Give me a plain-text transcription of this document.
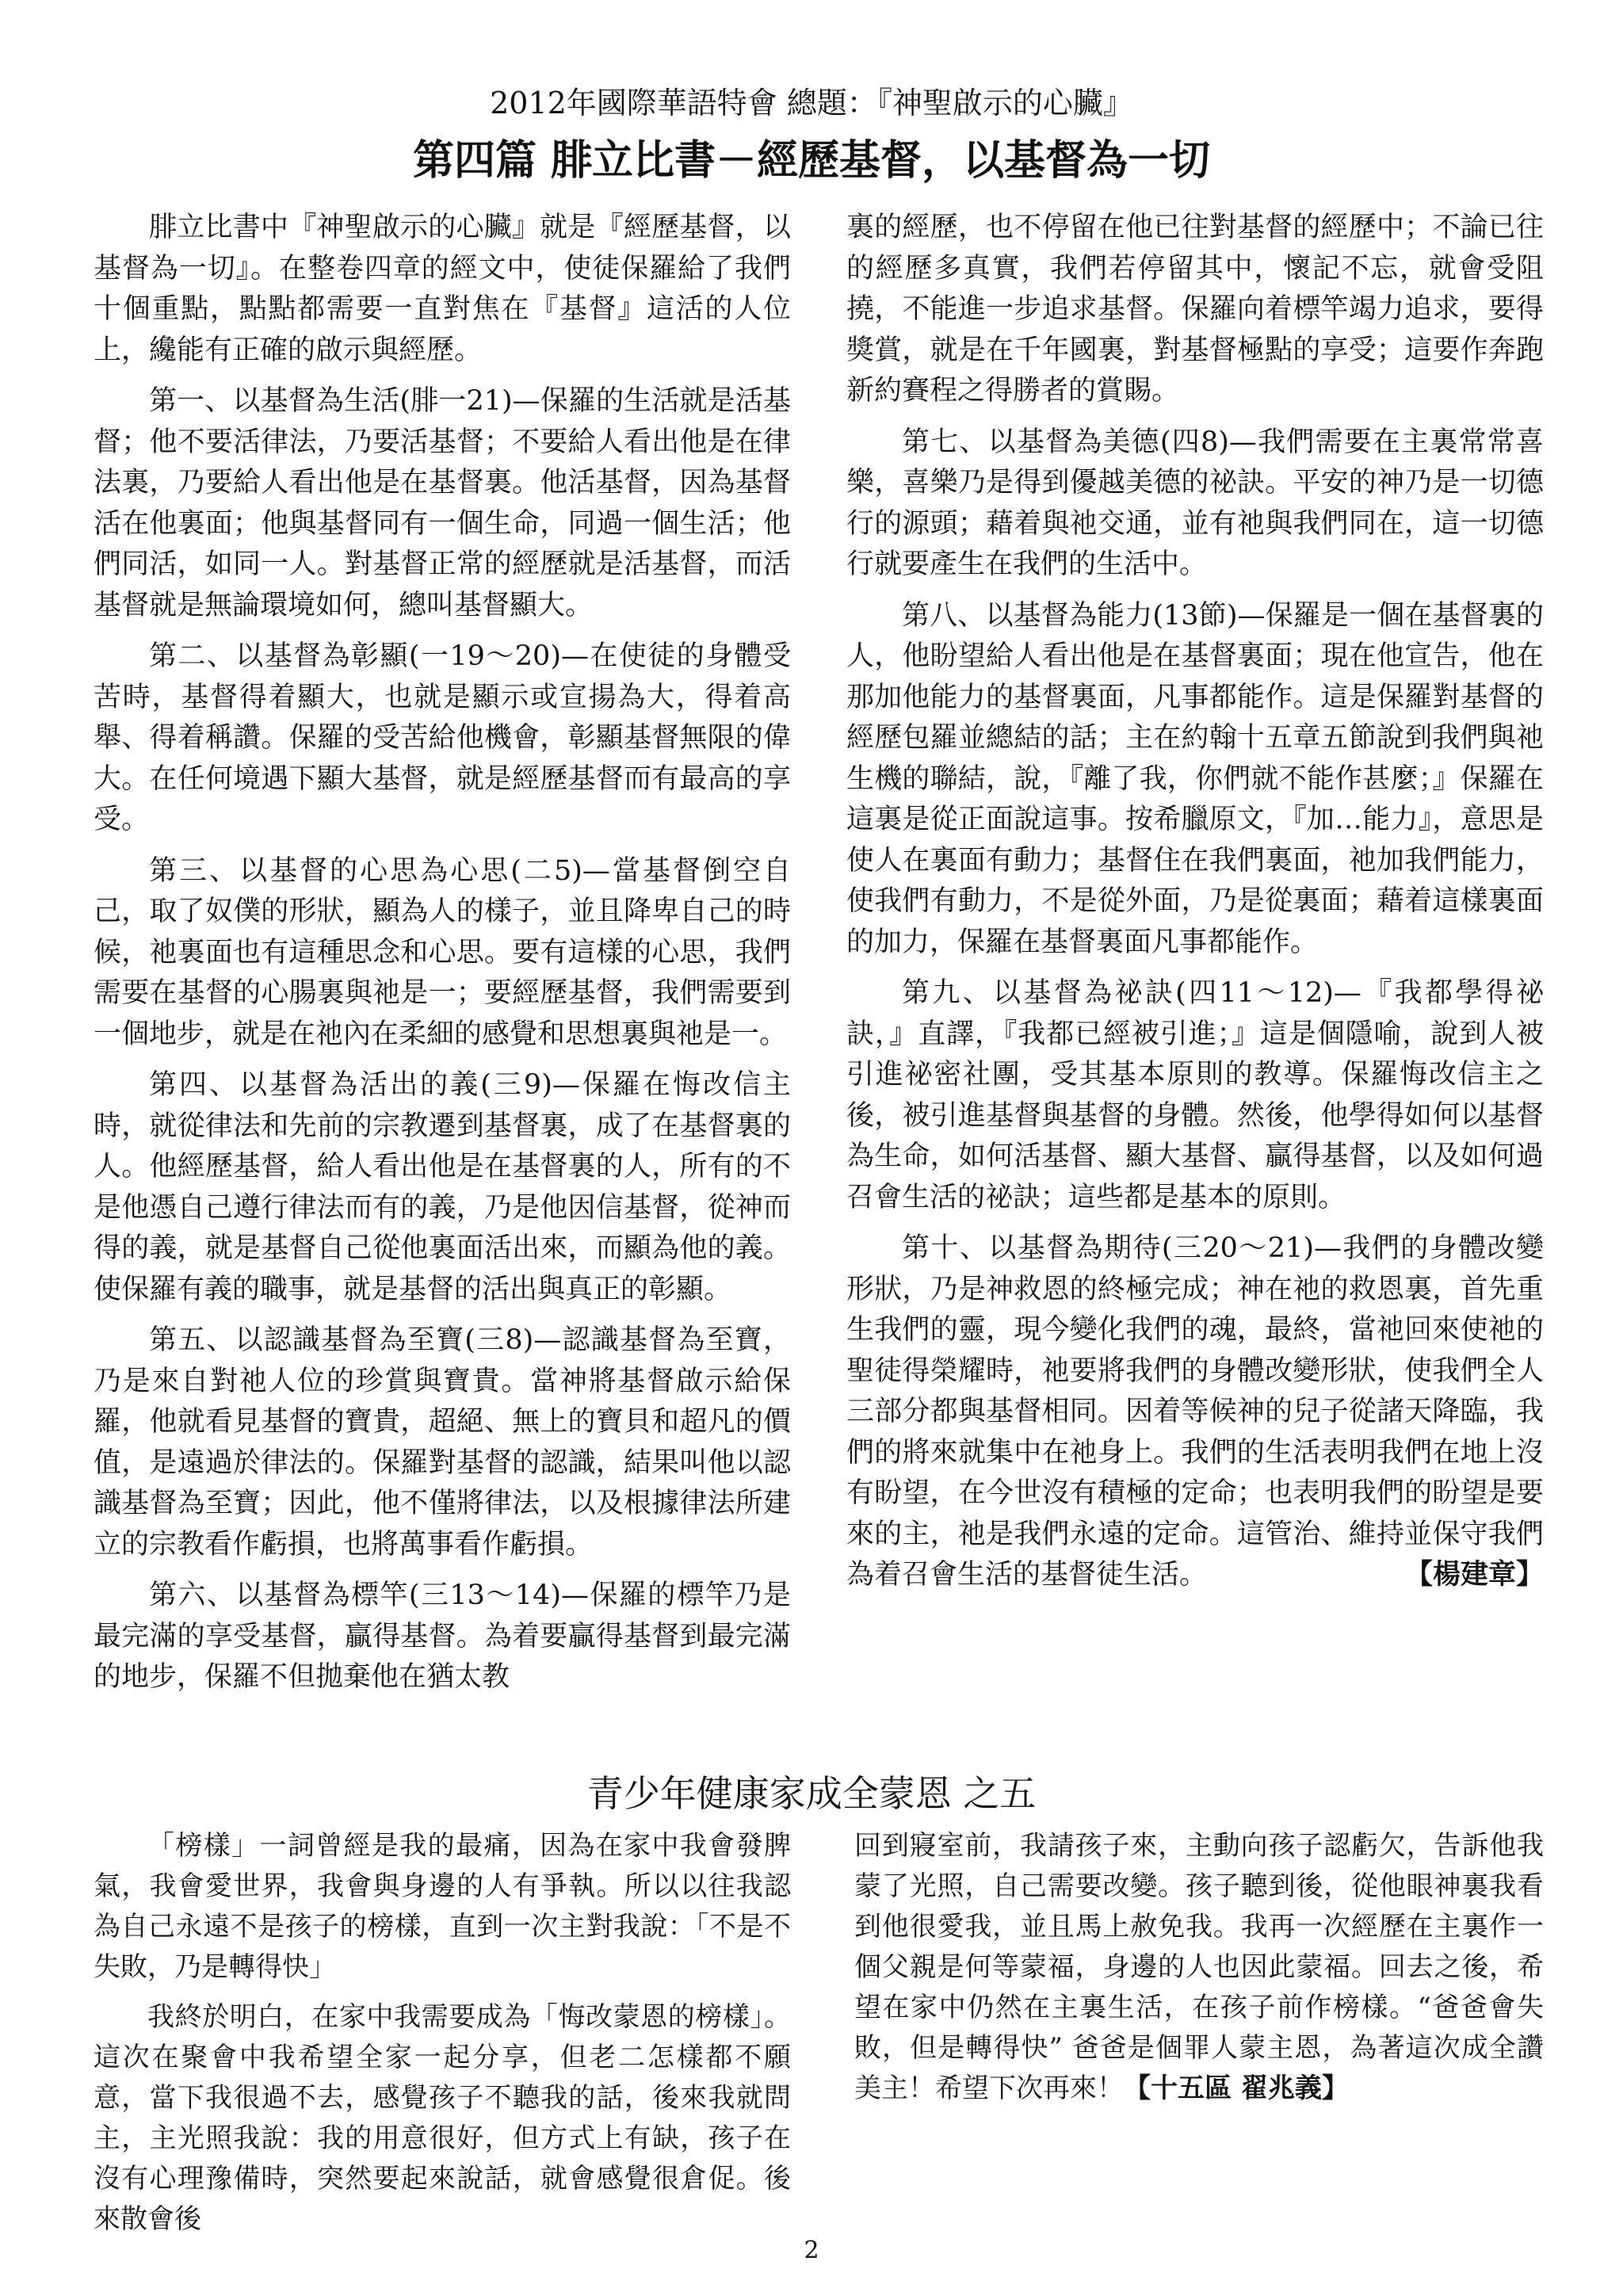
2012年國際華語特會 總題：『神聖啟示的心臟』
第四篇 腓立比書－經歷基督，以基督為一切

腓立比書中『神聖啟示的心臟』就是『經歷基督，以基督為一切』。在整卷四章的經文中，使徒保羅給了我們十個重點，點點都需要一直對焦在『基督』這活的人位上，纔能有正確的啟示與經歷。

第一、以基督為生活(腓一21)—保羅的生活就是活基督；他不要活律法，乃要活基督；不要給人看出他是在律法裏，乃要給人看出他是在基督裏。他活基督，因為基督活在他裏面；他與基督同有一個生命，同過一個生活；他們同活，如同一人。對基督正常的經歷就是活基督，而活基督就是無論環境如何，總叫基督顯大。

第二、以基督為彰顯(一19～20)—在使徒的身體受苦時，基督得着顯大，也就是顯示或宣揚為大，得着高舉、得着稱讚。保羅的受苦給他機會，彰顯基督無限的偉大。在任何境遇下顯大基督，就是經歷基督而有最高的享受。

第三、以基督的心思為心思(二5)—當基督倒空自己，取了奴僕的形狀，顯為人的樣子，並且降卑自己的時候，祂裏面也有這種思念和心思。要有這樣的心思，我們需要在基督的心腸裏與祂是一；要經歷基督，我們需要到一個地步，就是在祂內在柔細的感覺和思想裏與祂是一。

第四、以基督為活出的義(三9)—保羅在悔改信主時，就從律法和先前的宗教遷到基督裏，成了在基督裏的人。他經歷基督，給人看出他是在基督裏的人，所有的不是他憑自己遵行律法而有的義，乃是他因信基督，從神而得的義，就是基督自己從他裏面活出來，而顯為他的義。使保羅有義的職事，就是基督的活出與真正的彰顯。

第五、以認識基督為至寶(三8)—認識基督為至寶，乃是來自對祂人位的珍賞與寶貴。當神將基督啟示給保羅，他就看見基督的寶貴，超絕、無上的寶貝和超凡的價值，是遠過於律法的。保羅對基督的認識，結果叫他以認識基督為至寶；因此，他不僅將律法，以及根據律法所建立的宗教看作虧損，也將萬事看作虧損。

第六、以基督為標竿(三13～14)—保羅的標竿乃是最完滿的享受基督，贏得基督。為着要贏得基督到最完滿的地步，保羅不但拋棄他在猶太教

裏的經歷，也不停留在他已往對基督的經歷中；不論已往的經歷多真實，我們若停留其中，懷記不忘，就會受阻撓，不能進一步追求基督。保羅向着標竿竭力追求，要得獎賞，就是在千年國裏，對基督極點的享受；這要作奔跑新約賽程之得勝者的賞賜。

第七、以基督為美德(四8)—我們需要在主裏常常喜樂，喜樂乃是得到優越美德的祕訣。平安的神乃是一切德行的源頭；藉着與祂交通，並有祂與我們同在，這一切德行就要產生在我們的生活中。

第八、以基督為能力(13節)—保羅是一個在基督裏的人，他盼望給人看出他是在基督裏面；現在他宣告，他在那加他能力的基督裏面，凡事都能作。這是保羅對基督的經歷包羅並總結的話；主在約翰十五章五節說到我們與祂生機的聯結，說，『離了我，你們就不能作甚麼；』保羅在這裏是從正面說這事。按希臘原文，『加…能力』，意思是使人在裏面有動力；基督住在我們裏面，祂加我們能力，使我們有動力，不是從外面，乃是從裏面；藉着這樣裏面的加力，保羅在基督裏面凡事都能作。

第九、以基督為祕訣(四11～12)—『我都學得祕訣，』直譯，『我都已經被引進；』這是個隱喻，說到人被引進祕密社團，受其基本原則的教導。保羅悔改信主之後，被引進基督與基督的身體。然後，他學得如何以基督為生命，如何活基督、顯大基督、贏得基督，以及如何過召會生活的祕訣；這些都是基本的原則。

第十、以基督為期待(三20～21)—我們的身體改變形狀，乃是神救恩的終極完成；神在祂的救恩裏，首先重生我們的靈，現今變化我們的魂，最終，當祂回來使祂的聖徒得榮耀時，祂要將我們的身體改變形狀，使我們全人三部分都與基督相同。因着等候神的兒子從諸天降臨，我們的將來就集中在祂身上。我們的生活表明我們在地上沒有盼望，在今世沒有積極的定命；也表明我們的盼望是要來的主，祂是我們永遠的定命。這管治、維持並保守我們為着召會生活的基督徒生活。	【楊建章】

青少年健康家成全蒙恩 之五

「榜樣」一詞曾經是我的最痛，因為在家中我會發脾氣，我會愛世界，我會與身邊的人有爭執。所以以往我認為自己永遠不是孩子的榜樣，直到一次主對我說：「不是不失敗，乃是轉得快」

我終於明白，在家中我需要成為「悔改蒙恩的榜樣」。這次在聚會中我希望全家一起分享，但老二怎樣都不願意，當下我很過不去，感覺孩子不聽我的話，後來我就問主，主光照我說：我的用意很好，但方式上有缺，孩子在沒有心理豫備時，突然要起來說話，就會感覺很倉促。後來散會後

回到寢室前，我請孩子來，主動向孩子認虧欠，告訴他我蒙了光照，自己需要改變。孩子聽到後，從他眼神裏我看到他很愛我，並且馬上赦免我。我再一次經歷在主裏作一個父親是何等蒙福，身邊的人也因此蒙福。回去之後，希望在家中仍然在主裏生活，在孩子前作榜樣。“爸爸會失敗，但是轉得快” 爸爸是個罪人蒙主恩，為著這次成全讚美主！希望下次再來！【十五區 翟兆義】

2
